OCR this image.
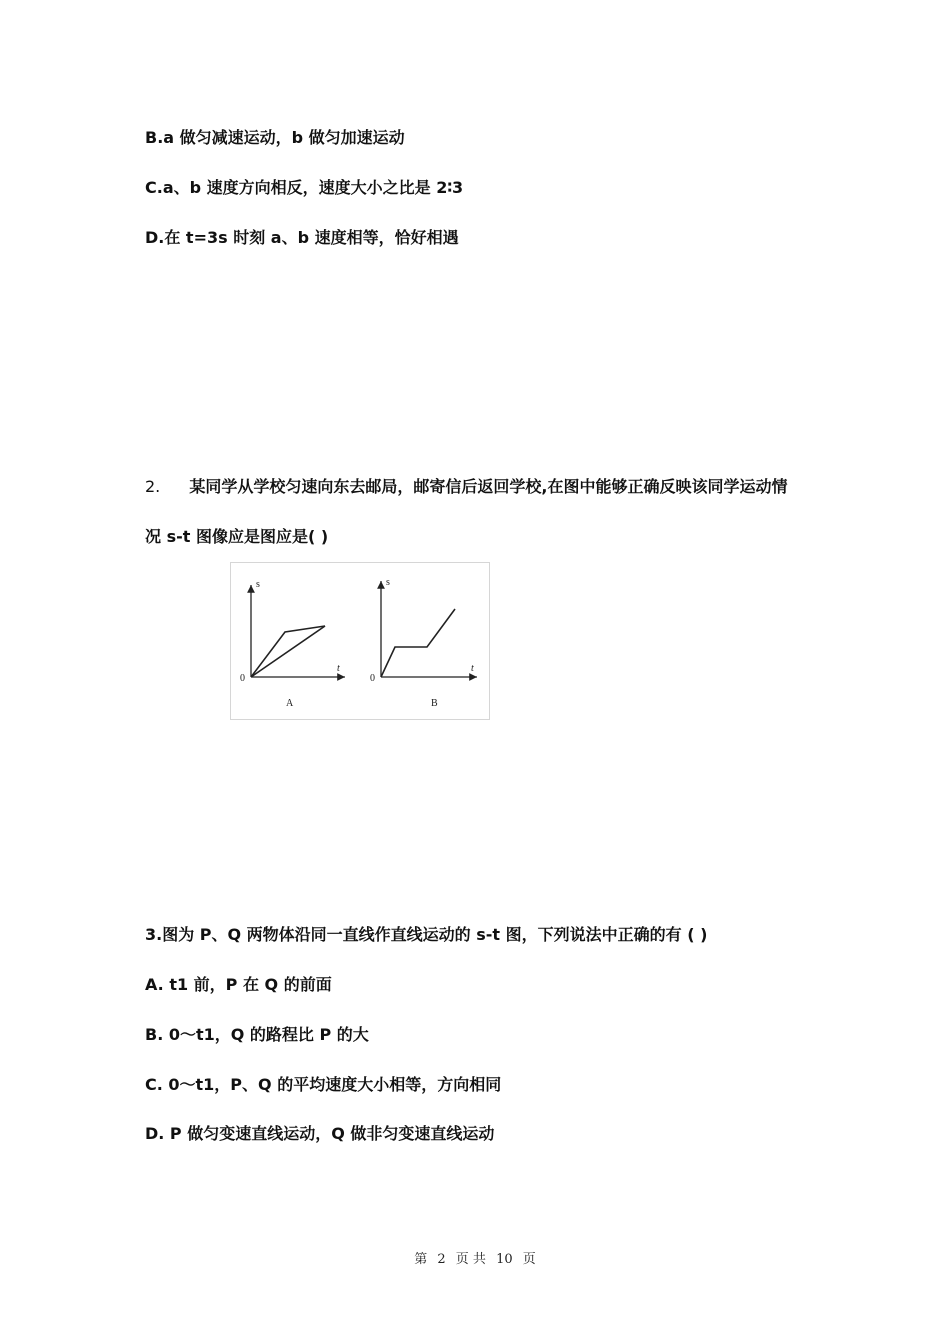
B.a 做匀减速运动，b 做匀加速运动
C.a、b 速度方向相反，速度大小之比是 2∶3
D.在 t=3s 时刻 a、b 速度相等，恰好相遇
2. 某同学从学校匀速向东去邮局，邮寄信后返回学校,在图中能够正确反映该同学运动情
况 s-t 图像应是图应是( )
s
t
0
A
s
t
0
B
3.图为 P、Q 两物体沿同一直线作直线运动的 s-t 图，下列说法中正确的有 ( )
A. t1 前，P 在 Q 的前面
B. 0～t1，Q 的路程比 P 的大
C. 0～t1，P、Q 的平均速度大小相等，方向相同
D. P 做匀变速直线运动，Q 做非匀变速直线运动
第 2 页 共 10 页
